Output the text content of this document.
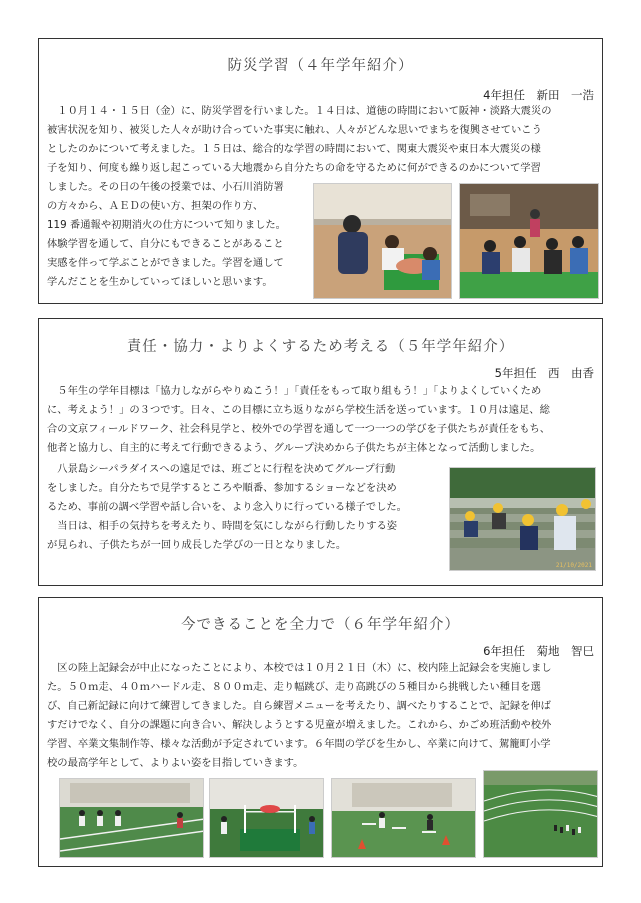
防災学習（４年学年紹介）
4年担任　新田　一浩
　１０月１４・１５日（金）に、防災学習を行いました。１４日は、道徳の時間において阪神・淡路大震災の
被害状況を知り、被災した人々が助け合っていた事実に触れ、人々がどんな思いでまちを復興させていこう
としたのかについて考えました。１５日は、総合的な学習の時間において、関東大震災や東日本大震災の様
子を知り、何度も繰り返し起こっている大地震から自分たちの命を守るために何ができるのかについて学習
しました。その日の午後の授業では、小石川消防署
の方々から、ＡＥＤの使い方、担架の作り方、
119 番通報や初期消火の仕方について知りました。
体験学習を通して、自分にもできることがあること
実感を伴って学ぶことができました。学習を通して
学んだことを生かしていってほしいと思います。
責任・協力・よりよくするため考える（５年学年紹介）
5年担任　西　由香
　５年生の学年目標は「協力しながらやりぬこう！」「責任をもって取り組もう！」「よりよくしていくため
に、考えよう！」の３つです。日々、この目標に立ち返りながら学校生活を送っています。１０月は遠足、総
合の文京フィールドワーク、社会科見学と、校外での学習を通して一つ一つの学びを子供たちが責任をもち、
他者と協力し、自主的に考えて行動できるよう、グループ決めから子供たちが主体となって活動しました。
　八景島シーパラダイスへの遠足では、班ごとに行程を決めてグループ行動
をしました。自分たちで見学するところや順番、参加するショーなどを決め
るため、事前の調べ学習や話し合いを、より念入りに行っている様子でした。
　当日は、相手の気持ちを考えたり、時間を気にしながら行動したりする姿
が見られ、子供たちが一回り成長した学びの一日となりました。
21/10/2021
今できることを全力で（６年学年紹介）
6年担任　菊地　智巳
　区の陸上記録会が中止になったことにより、本校では１０月２１日（木）に、校内陸上記録会を実施しまし
た。５０ｍ走、４０ｍハードル走、８００ｍ走、走り幅跳び、走り高跳びの５種目から挑戦したい種目を選
び、自己新記録に向けて練習してきました。自ら練習メニューを考えたり、調べたりすることで、記録を伸ば
すだけでなく、自分の課題に向き合い、解決しようとする児童が増えました。これから、かごめ班活動や校外
学習、卒業文集制作等、様々な活動が予定されています。６年間の学びを生かし、卒業に向けて、駕籠町小学
校の最高学年として、よりよい姿を目指していきます。
